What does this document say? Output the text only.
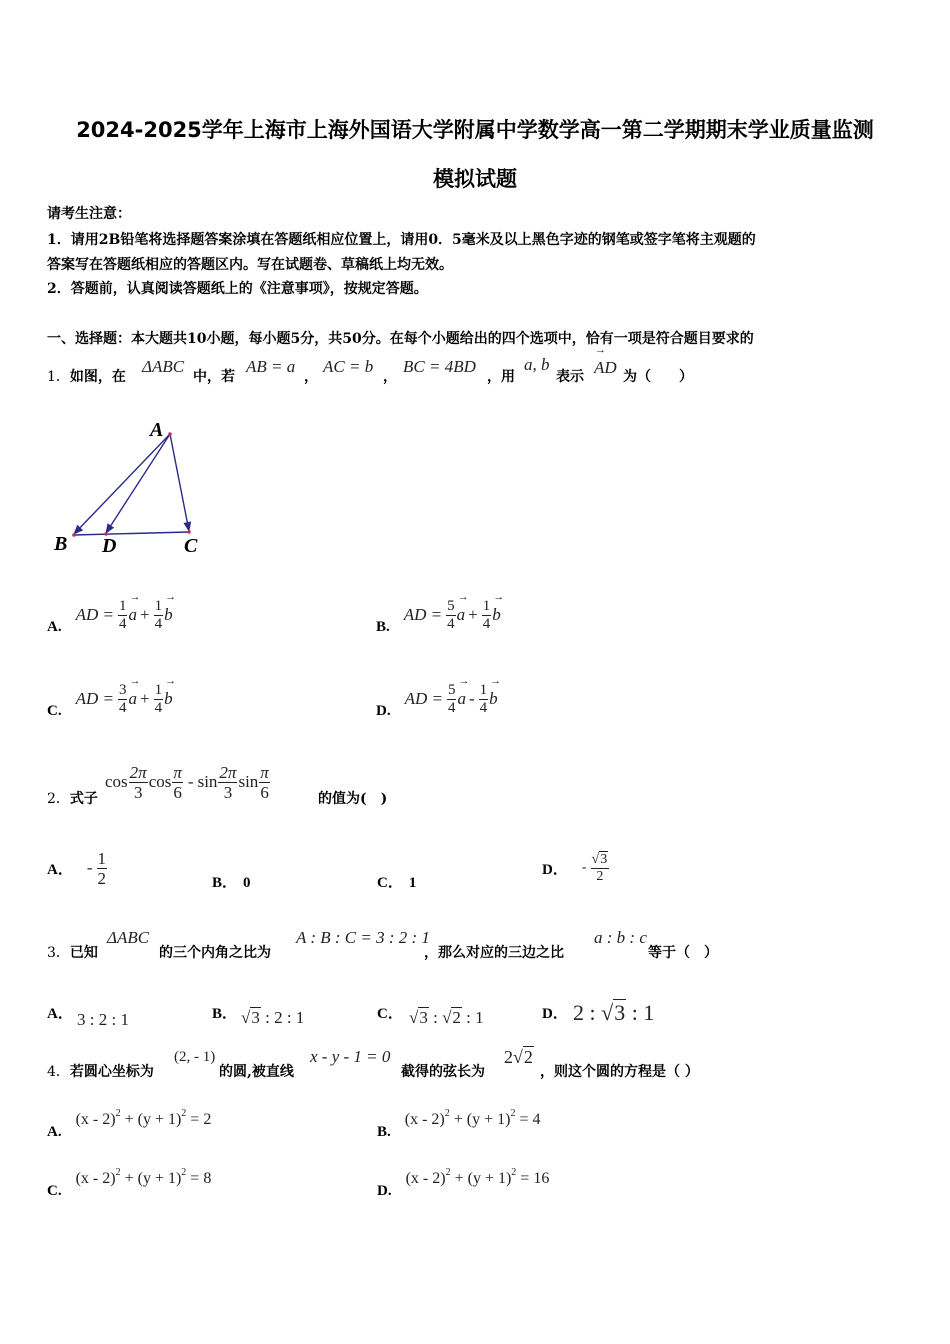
2024-2025学年上海市上海外国语大学附属中学数学高一第二学期期末学业质量监测
模拟试题
请考生注意：
1．请用2B铅笔将选择题答案涂填在答题纸相应位置上，请用0．5毫米及以上黑色字迹的钢笔或签字笔将主观题的
答案写在答题纸相应的答题区内。写在试题卷、草稿纸上均无效。
2．答题前，认真阅读答题纸上的《注意事项》，按规定答题。
一、选择题：本大题共10小题，每小题5分，共50分。在每个小题给出的四个选项中，恰有一项是符合题目要求的
1．如图，在
ΔABC
中，若
AB = a
，
AC = b
，
BC = 4BD
，用
a, b
表示
→ AD 为（　　）
A
B D	C
A.
AD = $\frac{1}{4}$
→ $a + \frac{1}{4}$
→ b
B.
AD = $\frac{5}{4}$
→ $a + \frac{1}{4}$
→ b
C.
AD = $\frac{3}{4}$
→ $a + \frac{1}{4}$
→ b
D.
AD = $\frac{5}{4}$
→ a - $\frac{1}{4}$
→ b
2．式子
$\cos \frac{2\pi}{3}$ $\cos \frac{\pi}{6}$ - $\sin \frac{2\pi}{3}$ $\sin \frac{\pi}{6}$	的值为(　)
A． - $\frac{1}{2}$	B． 0	C． 1
D． - $\frac{√3}{2}$
3．已知
ΔABC
的三个内角之比为
A : B : C = 3 : 2 : 1
，那么对应的三边之比
a : b : c
等于（　）
A． 3 : 2 : 1	B． √3 : 2 : 1	C． √3 : √2 : 1	D． 2 : √3 : 1
4．若圆心坐标为
(2, - 1)
的圆,被直线
x - y - 1 = 0
截得的弦长为
2√2
，则这个圆的方程是（ ）
A.
$(x - 2)^2 + (y + 1)^2 = 2$
B.
$(x - 2)^2 + (y + 1)^2 = 4$
C.
$(x - 2)^2 + (y + 1)^2 = 8$
D.
$(x - 2)^2 + (y + 1)^2 = 16$
